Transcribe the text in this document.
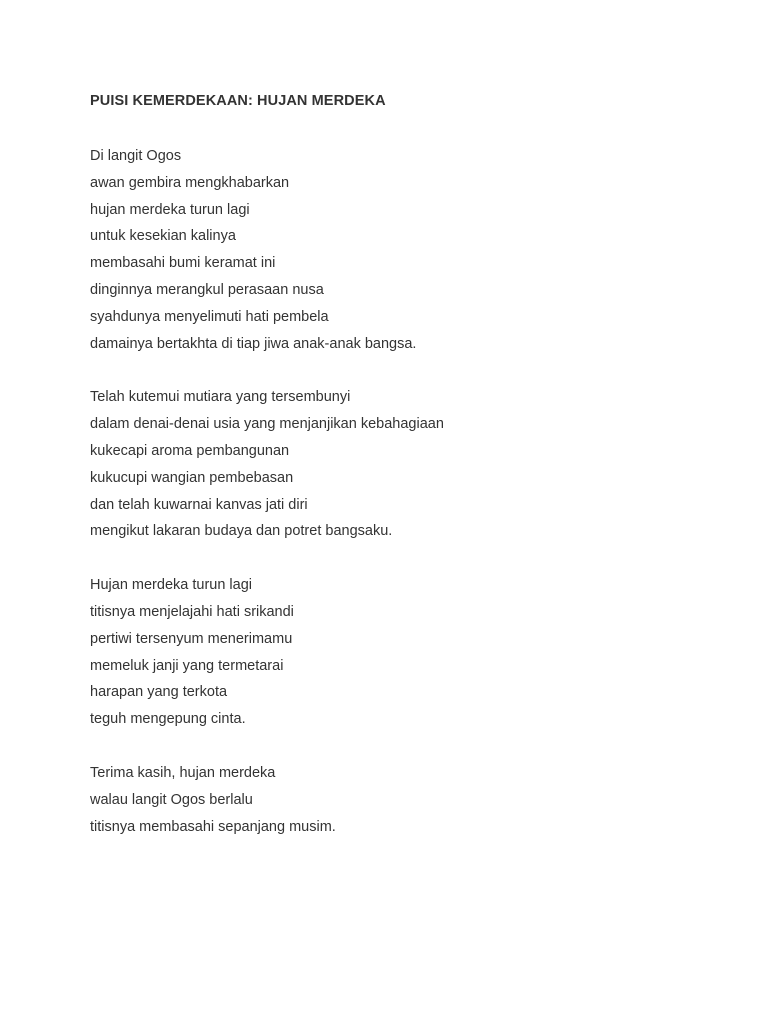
PUISI KEMERDEKAAN: HUJAN MERDEKA
Di langit Ogos
awan gembira mengkhabarkan
hujan merdeka turun lagi
untuk kesekian kalinya
membasahi bumi keramat ini
dinginnya merangkul perasaan nusa
syahdunya menyelimuti hati pembela
damainya bertakhta di tiap jiwa anak-anak bangsa.
Telah kutemui mutiara yang tersembunyi
dalam denai-denai usia yang menjanjikan kebahagiaan
kukecapi aroma pembangunan
kukucupi wangian pembebasan
dan telah kuwarnai kanvas jati diri
mengikut lakaran budaya dan potret bangsaku.
Hujan merdeka turun lagi
titisnya menjelajahi hati srikandi
pertiwi tersenyum menerimamu
memeluk janji yang termetarai
harapan yang terkota
teguh mengepung cinta.
Terima kasih, hujan merdeka
walau langit Ogos berlalu
titisnya membasahi sepanjang musim.
